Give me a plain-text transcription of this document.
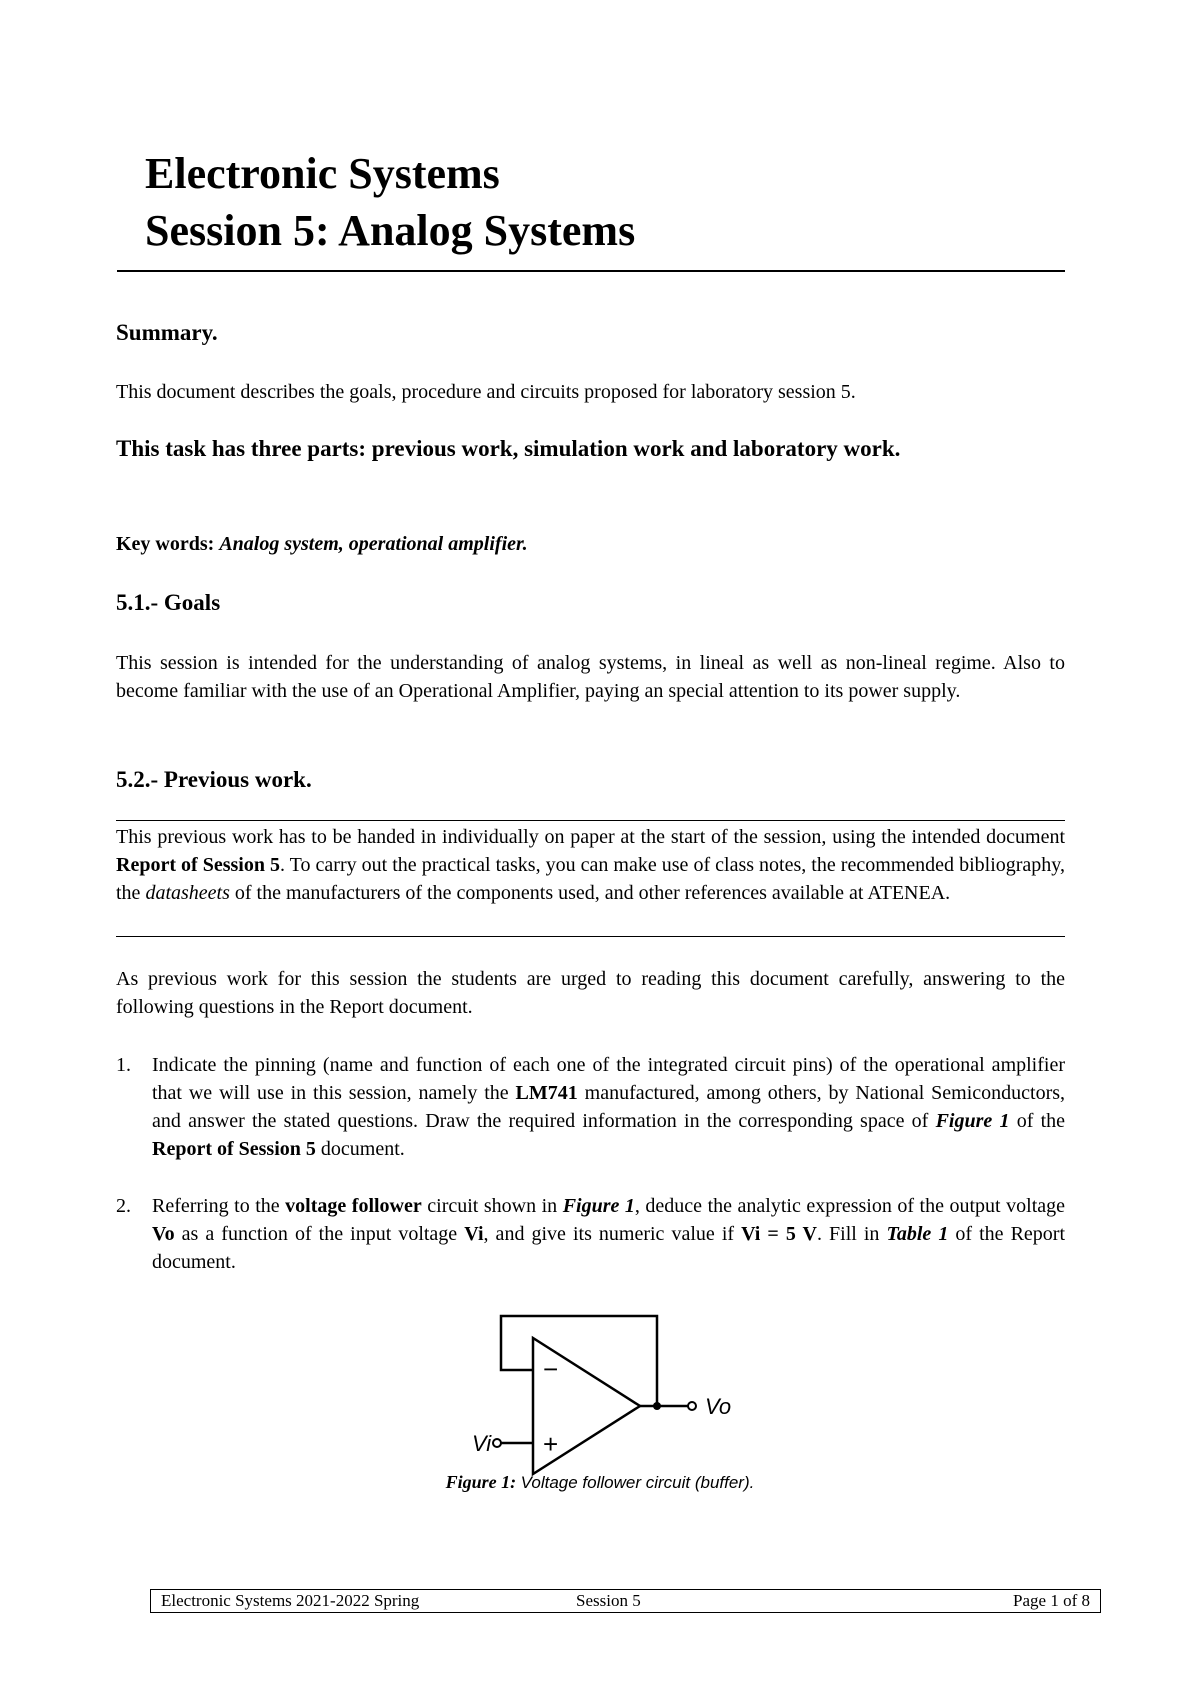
Electronic Systems
Session 5: Analog Systems
Summary.
This document describes the goals, procedure and circuits proposed for laboratory session 5.
This task has three parts: previous work, simulation work and laboratory work.
Key words: Analog system, operational amplifier.
5.1.- Goals
This session is intended for the understanding of analog systems, in lineal as well as non-lineal regime. Also to become familiar with the use of an Operational Amplifier, paying an special attention to its power supply.
5.2.- Previous work.
This previous work has to be handed in individually on paper at the start of the session, using the intended document Report of Session 5. To carry out the practical tasks, you can make use of class notes, the recommended bibliography, the datasheets of the manufacturers of the components used, and other references available at ATENEA.
As previous work for this session the students are urged to reading this document carefully, answering to the following questions in the Report document.
1. Indicate the pinning (name and function of each one of the integrated circuit pins) of the operational amplifier that we will use in this session, namely the LM741 manufactured, among others, by National Semiconductors, and answer the stated questions. Draw the required information in the corresponding space of Figure 1 of the Report of Session 5 document.
2. Referring to the voltage follower circuit shown in Figure 1, deduce the analytic expression of the output voltage Vo as a function of the input voltage Vi, and give its numeric value if Vi = 5 V. Fill in Table 1 of the Report document.
−
+
Vo
Vi
Figure 1: Voltage follower circuit (buffer).
Electronic Systems 2021-2022 Spring	Session 5	Page 1 of 8
